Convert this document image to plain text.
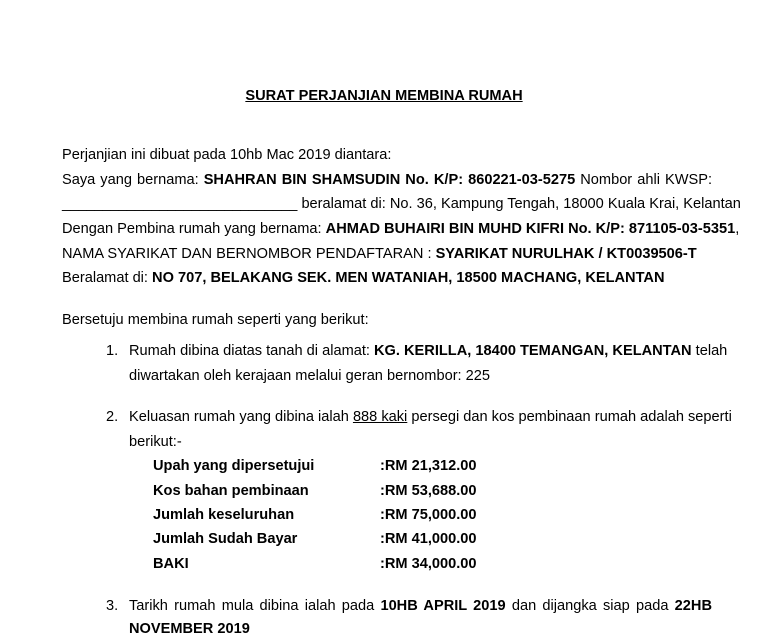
SURAT PERJANJIAN MEMBINA RUMAH
Perjanjian ini dibuat pada 10hb Mac 2019 diantara:
Saya yang bernama: SHAHRAN BIN SHAMSUDIN No. K/P: 860221-03-5275 Nombor ahli KWSP:
_____________________________ beralamat di: No. 36, Kampung Tengah, 18000 Kuala Krai, Kelantan
Dengan Pembina rumah yang bernama: AHMAD BUHAIRI BIN MUHD KIFRI No. K/P: 871105-03-5351,
NAMA SYARIKAT DAN BERNOMBOR PENDAFTARAN : SYARIKAT NURULHAK / KT0039506-T
Beralamat di: NO 707, BELAKANG SEK. MEN WATANIAH, 18500 MACHANG, KELANTAN
Bersetuju membina rumah seperti yang berikut:
1. Rumah dibina diatas tanah di alamat: KG. KERILLA, 18400 TEMANGAN, KELANTAN telah
diwartakan oleh kerajaan melalui geran bernombor: 225
2. Keluasan rumah yang dibina ialah 888 kaki persegi dan kos pembinaan rumah adalah seperti
berikut:-
Upah yang dipersetujui	:RM 21,312.00
Kos bahan pembinaan	:RM 53,688.00
Jumlah keseluruhan	:RM 75,000.00
Jumlah Sudah Bayar	:RM 41,000.00
BAKI	:RM 34,000.00
3. Tarikh rumah mula dibina ialah pada 10HB APRIL 2019 dan dijangka siap pada 22HB
NOVEMBER 2019
